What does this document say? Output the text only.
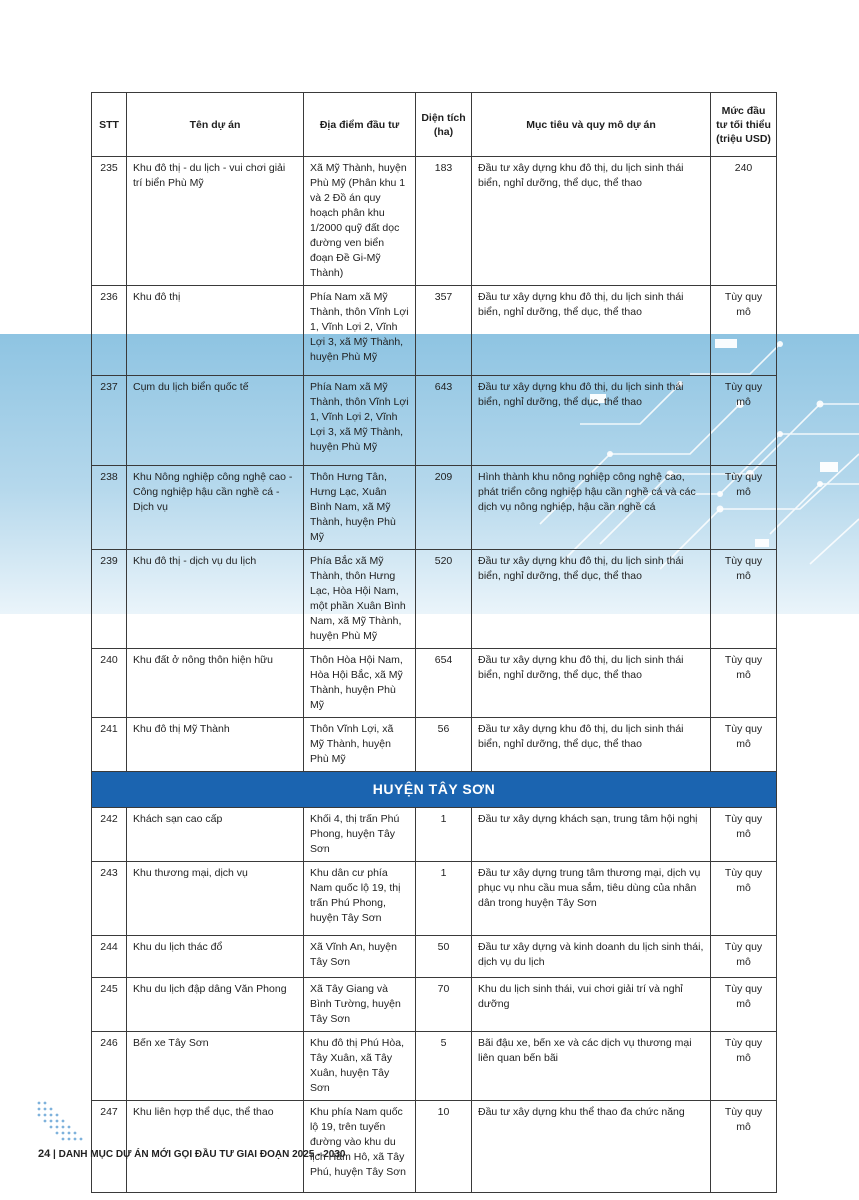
STT	Tên dự án	Địa điểm đầu tư	Diện tích (ha)	Mục tiêu và quy mô dự án	Mức đầu tư tối thiểu (triệu USD)
235	Khu đô thị - du lịch - vui chơi giải trí biển Phù Mỹ	Xã Mỹ Thành, huyện Phù Mỹ (Phân khu 1 và 2 Đồ án quy hoạch phân khu 1/2000 quỹ đất dọc đường ven biển đoạn Đề Gi-Mỹ Thành)	183	Đầu tư xây dựng khu đô thị, du lịch sinh thái biển, nghỉ dưỡng, thể dục, thể thao	240
236	Khu đô thị	Phía Nam xã Mỹ Thành, thôn Vĩnh Lợi 1, Vĩnh Lợi 2, Vĩnh Lợi 3, xã Mỹ Thành, huyện Phù Mỹ	357	Đầu tư xây dựng khu đô thị, du lịch sinh thái biển, nghỉ dưỡng, thể dục, thể thao	Tùy quy mô
237	Cụm du lịch biển quốc tế	Phía Nam xã Mỹ Thành, thôn Vĩnh Lợi 1, Vĩnh Lợi 2, Vĩnh Lợi 3, xã Mỹ Thành, huyện Phù Mỹ	643	Đầu tư xây dựng khu đô thị, du lịch sinh thái biển, nghỉ dưỡng, thể dục, thể thao	Tùy quy mô
238	Khu Nông nghiệp công nghệ cao - Công nghiệp hậu cần nghề cá - Dịch vụ	Thôn Hưng Tân, Hưng Lạc, Xuân Bình Nam, xã Mỹ Thành, huyện Phù Mỹ	209	Hình thành khu nông nghiệp công nghệ cao, phát triển công nghiệp hậu cần nghề cá và các dịch vụ nông nghiệp, hậu cần nghề cá	Tùy quy mô
239	Khu đô thị - dịch vụ du lịch	Phía Bắc xã Mỹ Thành, thôn Hưng Lạc, Hòa Hội Nam, một phần Xuân Bình Nam, xã Mỹ Thành, huyện Phù Mỹ	520	Đầu tư xây dựng khu đô thị, du lịch sinh thái biển, nghỉ dưỡng, thể dục, thể thao	Tùy quy mô
240	Khu đất ở nông thôn hiện hữu	Thôn Hòa Hội Nam, Hòa Hội Bắc, xã Mỹ Thành, huyện Phù Mỹ	654	Đầu tư xây dựng khu đô thị, du lịch sinh thái biển, nghỉ dưỡng, thể dục, thể thao	Tùy quy mô
241	Khu đô thị Mỹ Thành	Thôn Vĩnh Lợi, xã Mỹ Thành, huyện Phù Mỹ	56	Đầu tư xây dựng khu đô thị, du lịch sinh thái biển, nghỉ dưỡng, thể dục, thể thao	Tùy quy mô
HUYỆN TÂY SƠN					
242	Khách sạn cao cấp	Khối 4, thị trấn Phú Phong, huyện Tây Sơn	1	Đầu tư xây dựng khách sạn, trung tâm hội nghị	Tùy quy mô
243	Khu thương mại, dịch vụ	Khu dân cư phía Nam quốc lộ 19, thị trấn Phú Phong, huyện Tây Sơn	1	Đầu tư xây dựng trung tâm thương mại, dịch vụ phục vụ nhu cầu mua sắm, tiêu dùng của nhân dân trong huyện Tây Sơn	Tùy quy mô
244	Khu du lịch thác đổ	Xã Vĩnh An, huyện Tây Sơn	50	Đầu tư xây dựng và kinh doanh du lịch sinh thái, dịch vụ du lịch	Tùy quy mô
245	Khu du lịch đập dâng Văn Phong	Xã Tây Giang và Bình Tường, huyện Tây Sơn	70	Khu du lịch sinh thái, vui chơi giải trí và nghỉ dưỡng	Tùy quy mô
246	Bến xe Tây Sơn	Khu đô thị Phú Hòa, Tây Xuân, xã Tây Xuân, huyện Tây Sơn	5	Bãi đậu xe, bến xe và các dịch vụ thương mại liên quan bến bãi	Tùy quy mô
247	Khu liên hợp thể dục, thể thao	Khu phía Nam quốc lộ 19, trên tuyến đường vào khu du lịch Hầm Hô, xã Tây Phú, huyện Tây Sơn	10	Đầu tư xây dựng khu thể thao đa chức năng	Tùy quy mô
24 | DANH MỤC DỰ ÁN MỚI GỌI ĐẦU TƯ GIAI ĐOẠN 2025 - 2030
